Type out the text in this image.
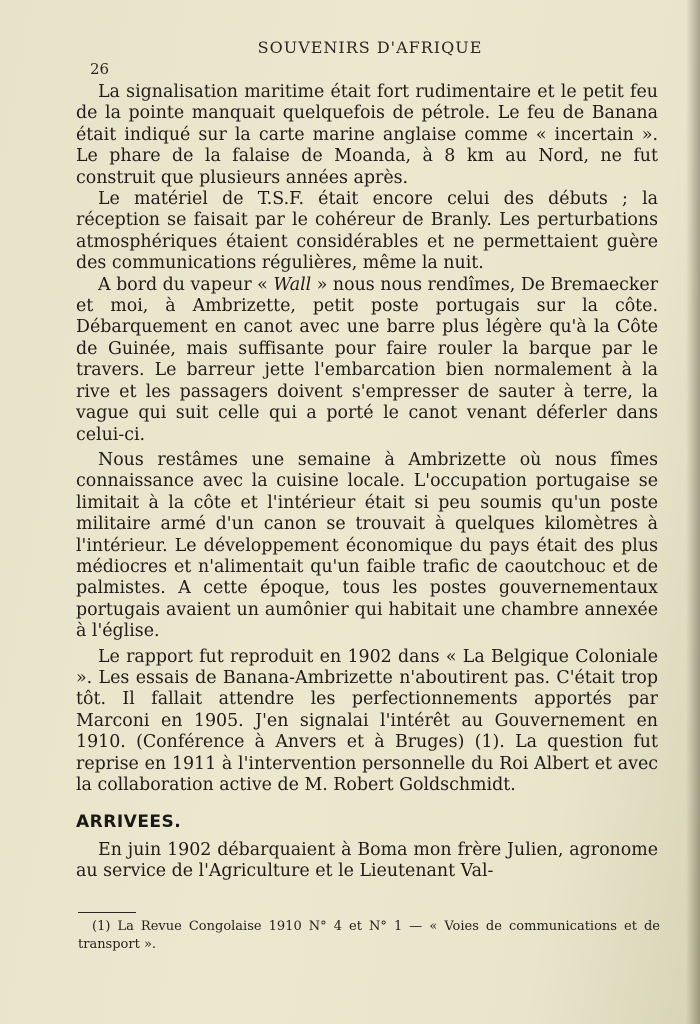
SOUVENIRS D'AFRIQUE
26

La signalisation maritime était fort rudimentaire et le petit feu de la pointe manquait quelquefois de pétrole. Le feu de Banana était indiqué sur la carte marine anglaise comme « incertain ». Le phare de la falaise de Moanda, à 8 km au Nord, ne fut construit que plusieurs années après.

Le matériel de T.S.F. était encore celui des débuts ; la réception se faisait par le cohéreur de Branly. Les perturbations atmosphériques étaient considérables et ne permettaient guère des communications régulières, même la nuit.

A bord du vapeur « Wall » nous nous rendîmes, De Bremaecker et moi, à Ambrizette, petit poste portugais sur la côte. Débarquement en canot avec une barre plus légère qu'à la Côte de Guinée, mais suffisante pour faire rouler la barque par le travers. Le barreur jette l'embarcation bien normalement à la rive et les passagers doivent s'empresser de sauter à terre, la vague qui suit celle qui a porté le canot venant déferler dans celui-ci.

Nous restâmes une semaine à Ambrizette où nous fîmes connaissance avec la cuisine locale. L'occupation portugaise se limitait à la côte et l'intérieur était si peu soumis qu'un poste militaire armé d'un canon se trouvait à quelques kilomètres à l'intérieur. Le développement économique du pays était des plus médiocres et n'alimentait qu'un faible trafic de caoutchouc et de palmistes. A cette époque, tous les postes gouvernementaux portugais avaient un aumônier qui habitait une chambre annexée à l'église.

Le rapport fut reproduit en 1902 dans « La Belgique Coloniale ». Les essais de Banana-Ambrizette n'aboutirent pas. C'était trop tôt. Il fallait attendre les perfectionnements apportés par Marconi en 1905. J'en signalai l'intérêt au Gouvernement en 1910. (Conférence à Anvers et à Bruges) (1). La question fut reprise en 1911 à l'intervention personnelle du Roi Albert et avec la collaboration active de M. Robert Goldschmidt.

ARRIVEES.

En juin 1902 débarquaient à Boma mon frère Julien, agronome au service de l'Agriculture et le Lieutenant Val-

(1) La Revue Congolaise 1910 N° 4 et N° 1 — « Voies de communications et de transport ».
